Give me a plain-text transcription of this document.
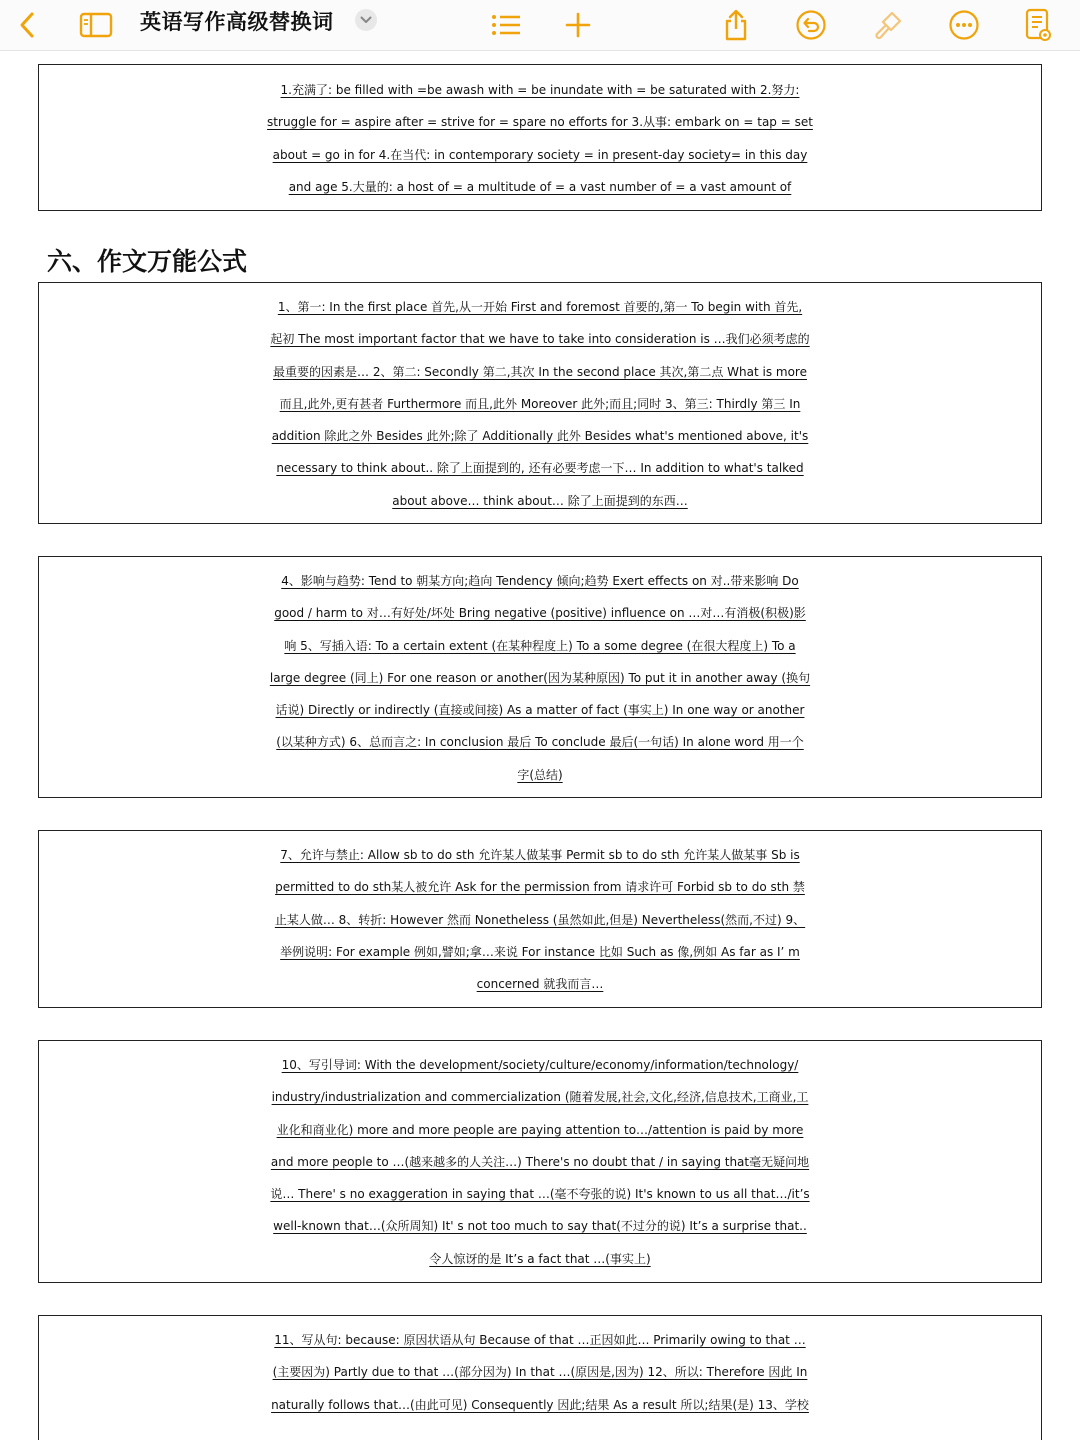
英语写作高级替换词

1.充满了: be filled with =be awash with = be inundate with = be saturated with 2.努力:

struggle for = aspire after = strive for = spare no efforts for 3.从事: embark on = tap = set

about = go in for 4.在当代: in contemporary society = in present-day society= in this day

and age 5.大量的: a host of = a multitude of = a vast number of = a vast amount of

六、作文万能公式

1、第一: In the first place 首先,从一开始 First and foremost 首要的,第一 To begin with 首先,

起初 The most important factor that we have to take into consideration is …我们必须考虑的

最重要的因素是… 2、第二: Secondly 第二,其次 In the second place 其次,第二点 What is more

而且,此外,更有甚者 Furthermore 而且,此外 Moreover 此外;而且;同时 3、第三: Thirdly 第三 In

addition 除此之外 Besides 此外;除了 Additionally 此外 Besides what's mentioned above, it's

necessary to think about.. 除了上面提到的, 还有必要考虑一下… In addition to what's talked

about above… think about… 除了上面提到的东西…

4、影响与趋势: Tend to 朝某方向;趋向 Tendency 倾向;趋势 Exert effects on 对..带来影响 Do

good / harm to 对…有好处/坏处 Bring negative (positive) influence on …对…有消极(积极)影

响 5、写插入语: To a certain extent (在某种程度上) To a some degree (在很大程度上) To a

large degree (同上) For one reason or another(因为某种原因) To put it in another away (换句

话说) Directly or indirectly (直接或间接) As a matter of fact (事实上) In one way or another

(以某种方式) 6、总而言之: In conclusion 最后 To conclude 最后(一句话) In alone word 用一个

字(总结)

7、允许与禁止: Allow sb to do sth 允许某人做某事 Permit sb to do sth 允许某人做某事 Sb is

permitted to do sth某人被允许 Ask for the permission from 请求许可 Forbid sb to do sth 禁

止某人做… 8、转折: However 然而 Nonetheless (虽然如此,但是) Nevertheless(然而,不过) 9、

举例说明: For example 例如,譬如;拿…来说 For instance 比如 Such as 像,例如 As far as I’ m

concerned 就我而言…

10、写引导词: With the development/society/culture/economy/information/technology/

industry/industrialization and commercialization (随着发展,社会,文化,经济,信息技术,工商业,工

业化和商业化) more and more people are paying attention to…/attention is paid by more

and more people to …(越来越多的人关注…) There's no doubt that / in saying that毫无疑问地

说… There' s no exaggeration in saying that …(毫不夸张的说) It's known to us all that…/it’s

well-known that…(众所周知) It' s not too much to say that(不过分的说) It’s a surprise that..

令人惊讶的是 It’s a fact that …(事实上)

11、写从句: because: 原因状语从句 Because of that …正因如此… Primarily owing to that …

(主要因为) Partly due to that …(部分因为) In that …(原因是,因为) 12、所以: Therefore 因此 In

naturally follows that…(由此可见) Consequently 因此;结果 As a result 所以;结果(是) 13、学校
